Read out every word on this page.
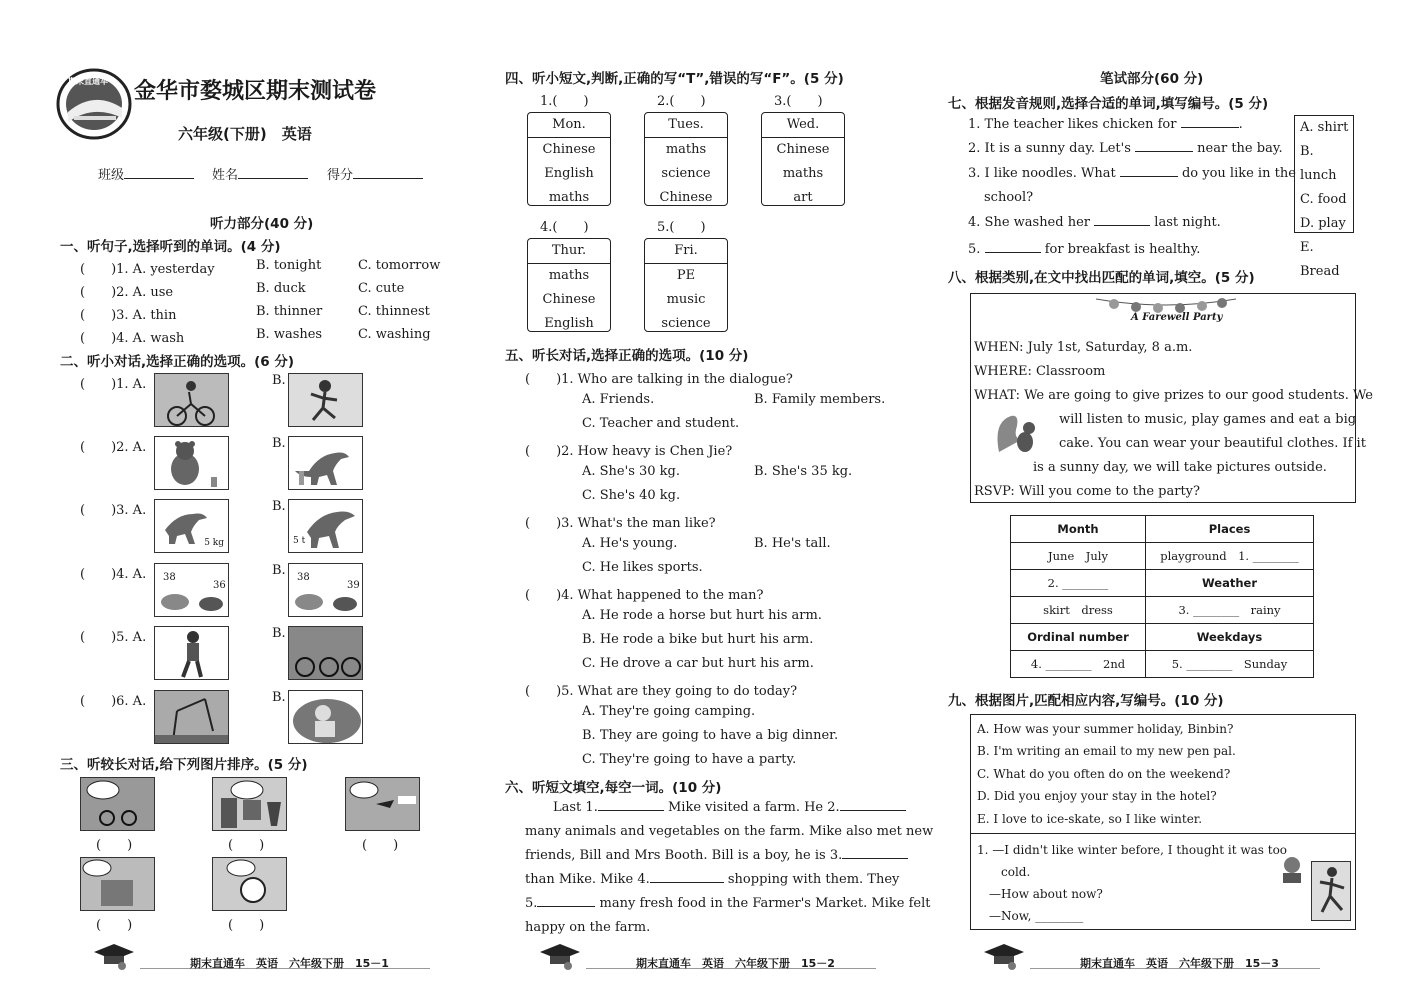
期末直通车 金华市婺城区期末测试卷
六年级(下册)　英语
班级	姓名	得分
听力部分(40 分)
一、听句子,选择听到的单词。(4 分)
(　　)1. A. yesterday	B. tonight	C. tomorrow
(　　)2. A. use	B. duck	C. cute
(　　)3. A. thin	B. thinner	C. thinnest
(　　)4. A. wash	B. washes	C. washing
二、听小对话,选择正确的选项。(6 分)
(　　)1. A.	B.
(　　)2. A.	B.
(　　)3. A.	B.
5 kg	5 t
(　　)4. A.	B.
38
36
38
39
(　　)5. A.	B.
(　　)6. A.	B.
三、听较长对话,给下列图片排序。(5 分)
(　　)	(　　)	(　　)
(　　)	(　　)
期末直通车　英语　六年级下册　15－1
四、听小短文,判断,正确的写“T”,错误的写“F”。(5 分)
1.(　　)	2.(　　)	3.(　　)
Mon.
Chinese
English
maths
Tues.
maths
science
Chinese
Wed.
Chinese
maths
art
4.(　　)	5.(　　)
Thur.
maths
Chinese
English
Fri.
PE
music
science
五、听长对话,选择正确的选项。(10 分)
(　　)1. Who are talking in the dialogue?
A. Friends.	B. Family members.
C. Teacher and student.
(　　)2. How heavy is Chen Jie?
A. She's 30 kg.	B. She's 35 kg.
C. She's 40 kg.
(　　)3. What's the man like?
A. He's young.	B. He's tall.
C. He likes sports.
(　　)4. What happened to the man?
A. He rode a horse but hurt his arm.
B. He rode a bike but hurt his arm.
C. He drove a car but hurt his arm.
(　　)5. What are they going to do today?
A. They're going camping.
B. They are going to have a big dinner.
C. They're going to have a party.
六、听短文填空,每空一词。(10 分)
Last 1.	Mike visited a farm. He 2.
many animals and vegetables on the farm. Mike also met new
friends, Bill and Mrs Booth. Bill is a boy, he is 3.
than Mike. Mike 4.	shopping with them. They
5.	many fresh food in the Farmer's Market. Mike felt
happy on the farm.
期末直通车　英语　六年级下册　15－2
笔试部分(60 分)
七、根据发音规则,选择合适的单词,填写编号。(5 分)
1. The teacher likes chicken for	.
2. It is a sunny day. Let's	near the bay.
3. I like noodles. What	do you like in the
school?
4. She washed her	last night.
5.	for breakfast is healthy.
A. shirt
B. lunch
C. food
D. play
E. Bread
八、根据类别,在文中找出匹配的单词,填空。(5 分)
A Farewell Party
WHEN: July 1st, Saturday, 8 a.m.
WHERE: Classroom
WHAT: We are going to give prizes to our good students. We
will listen to music, play games and eat a big
cake. You can wear your beautiful clothes. If it
is a sunny day, we will take pictures outside.
RSVP: Will you come to the party?
Month	Places
June　July	playground　1. ________
2. ________	Weather
skirt　dress	3. ________　rainy
Ordinal number	Weekdays
4. ________　2nd	5. ________　Sunday
九、根据图片,匹配相应内容,写编号。(10 分)
A. How was your summer holiday, Binbin?
B. I'm writing an email to my new pen pal.
C. What do you often do on the weekend?
D. Did you enjoy your stay in the hotel?
E. I love to ice-skate, so I like winter.
1. —I didn't like winter before, I thought it was too
cold.
—How about now?
—Now, ________
期末直通车　英语　六年级下册　15－3
